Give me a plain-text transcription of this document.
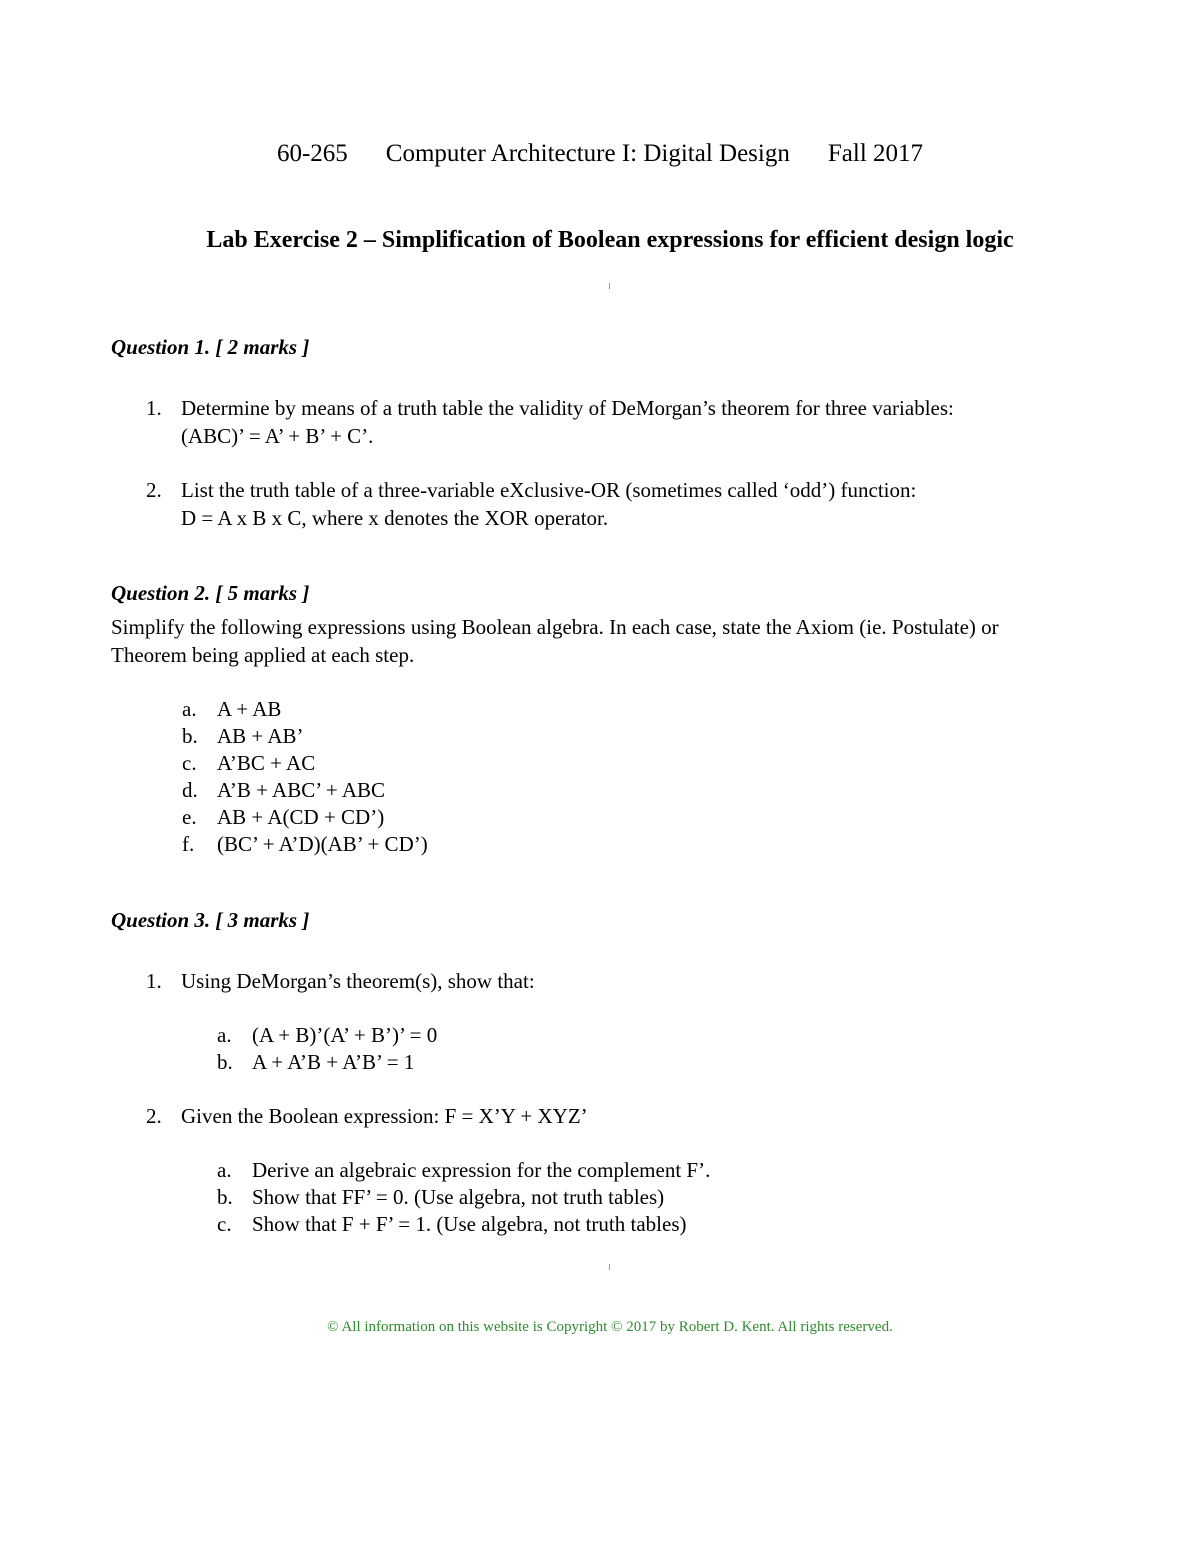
60-265 Computer Architecture I: Digital Design Fall 2017
Lab Exercise 2 – Simplification of Boolean expressions for efficient design logic
Question 1. [ 2 marks ]
1. Determine by means of a truth table the validity of DeMorgan’s theorem for three variables:
(ABC)’ = A’ + B’ + C’.
2. List the truth table of a three-variable eXclusive-OR (sometimes called ‘odd’) function:
D = A x B x C, where x denotes the XOR operator.
Question 2. [ 5 marks ]
Simplify the following expressions using Boolean algebra. In each case, state the Axiom (ie. Postulate) or
Theorem being applied at each step.
a. A + AB
b. AB + AB’
c. A’BC + AC
d. A’B + ABC’ + ABC
e. AB + A(CD + CD’)
f. (BC’ + A’D)(AB’ + CD’)
Question 3. [ 3 marks ]
1. Using DeMorgan’s theorem(s), show that:
a. (A + B)’(A’ + B’)’ = 0
b. A + A’B + A’B’ = 1
2. Given the Boolean expression: F = X’Y + XYZ’
a. Derive an algebraic expression for the complement F’.
b. Show that FF’ = 0. (Use algebra, not truth tables)
c. Show that F + F’ = 1. (Use algebra, not truth tables)
© All information on this website is Copyright © 2017 by Robert D. Kent. All rights reserved.
